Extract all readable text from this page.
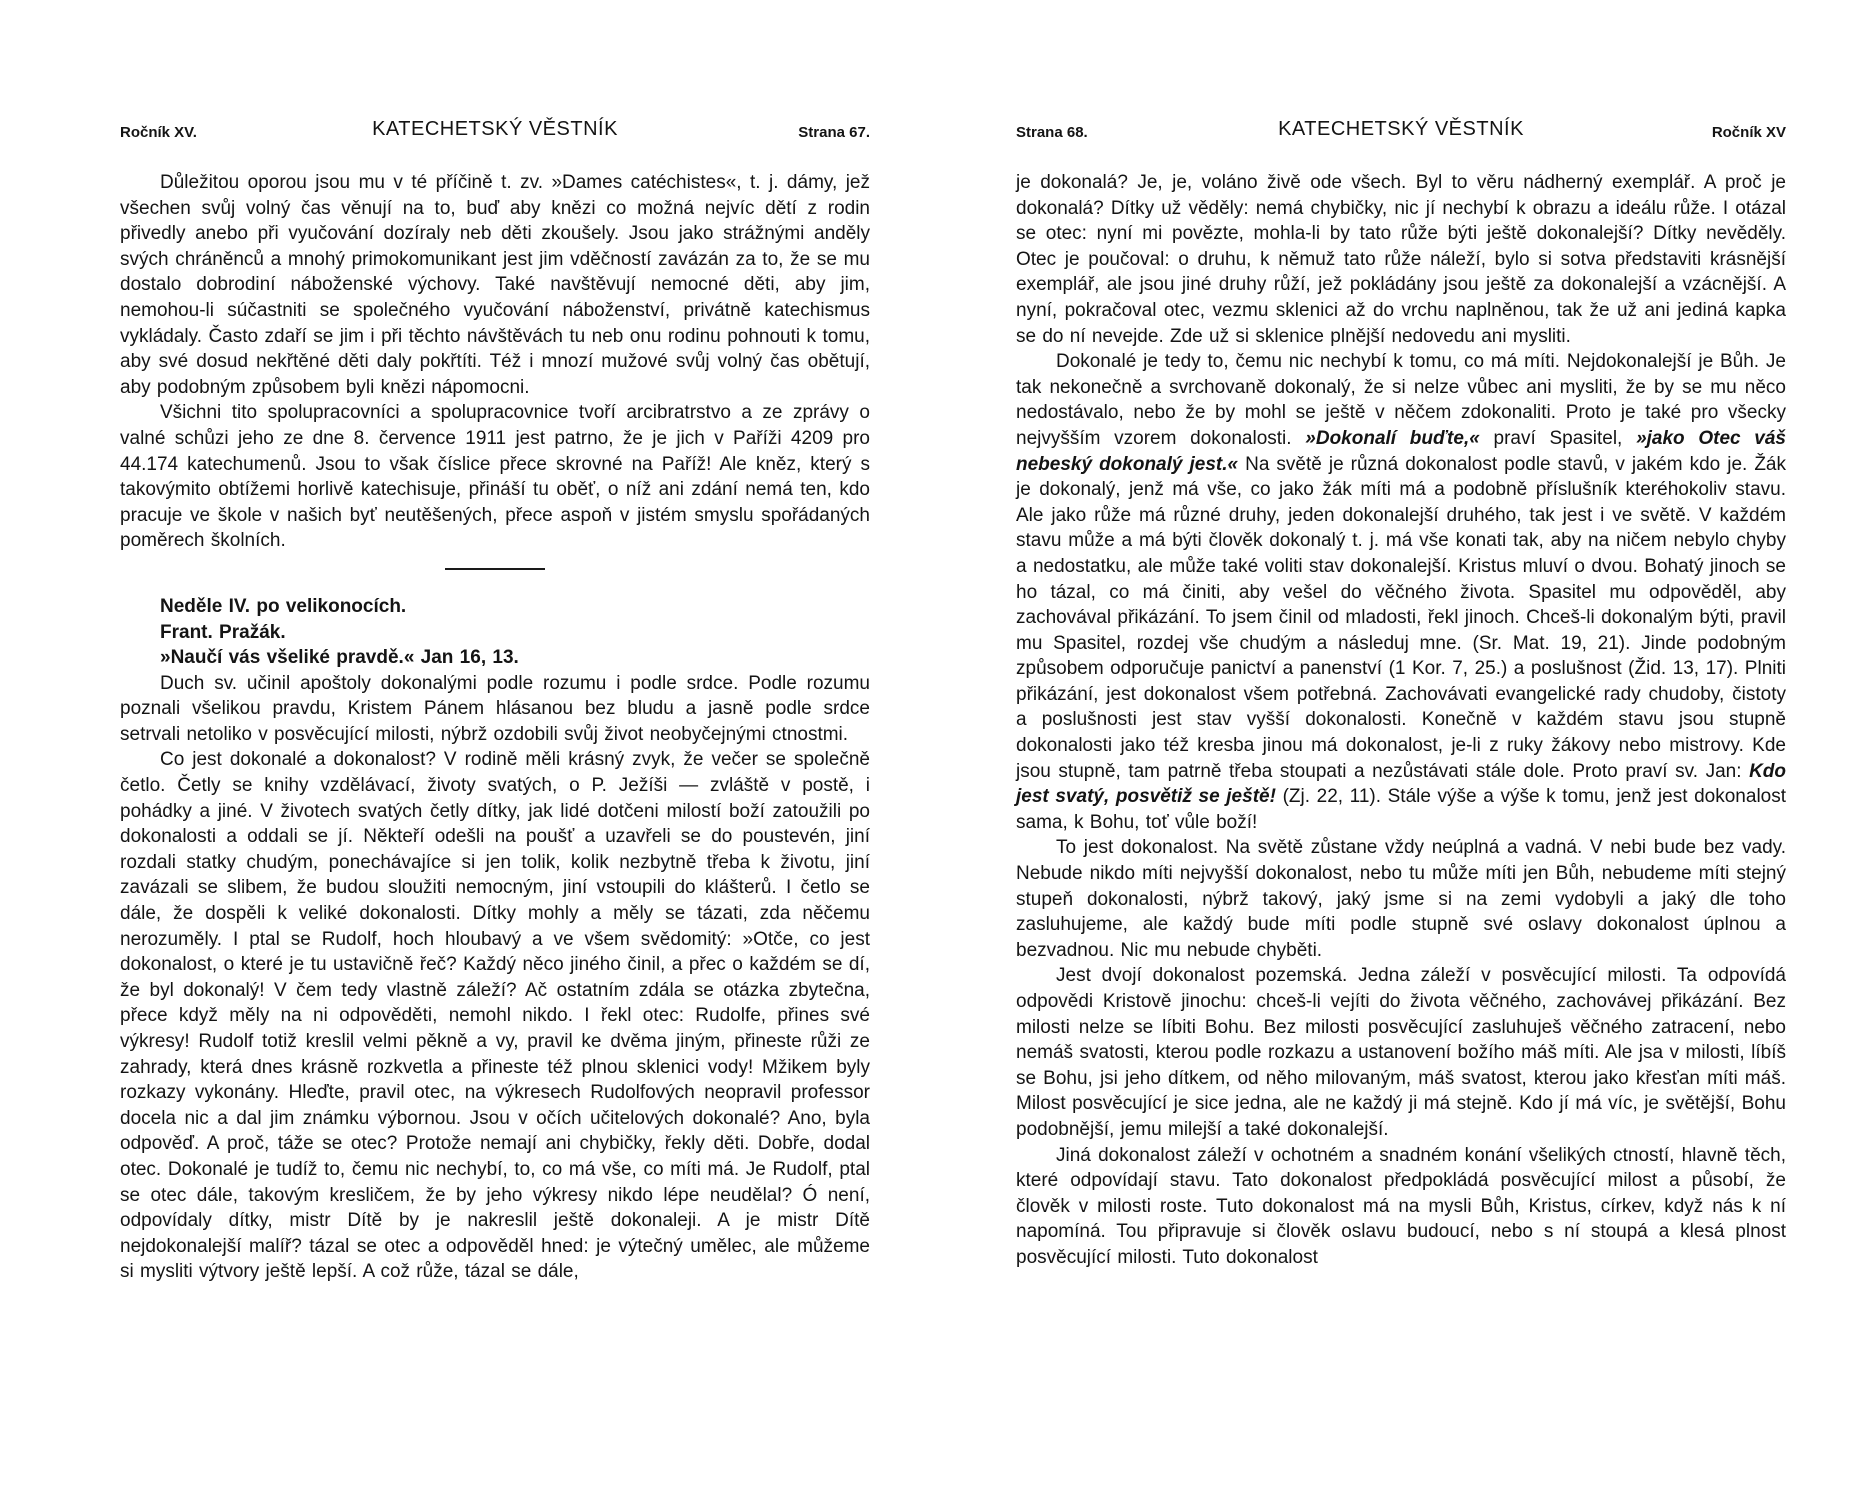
Ročník XV.	KATECHETSKÝ VĚSTNÍK	Strana 67.

Důležitou oporou jsou mu v té příčině t. zv. »Dames catéchistes«, t. j. dámy, jež všechen svůj volný čas věnují na to, buď aby knězi co možná nejvíc dětí z rodin přivedly anebo při vyučování dozíraly neb děti zkoušely. Jsou jako strážnými anděly svých chráněnců a mnohý primokomunikant jest jim vděčností zavázán za to, že se mu dostalo dobrodiní náboženské výchovy. Také navštěvují nemocné děti, aby jim, nemohou-li súčastniti se společného vyučování náboženství, privátně katechismus vykládaly. Často zdaří se jim i při těchto návštěvách tu neb onu rodinu pohnouti k tomu, aby své dosud nekřtěné děti daly pokřtíti. Též i mnozí mužové svůj volný čas obětují, aby podobným způsobem byli knězi nápomocni.

Všichni tito spolupracovníci a spolupracovnice tvoří arcibratrstvo a ze zprávy o valné schůzi jeho ze dne 8. července 1911 jest patrno, že je jich v Paříži 4209 pro 44.174 katechumenů. Jsou to však číslice přece skrovné na Paříž! Ale kněz, který s takovýmito obtížemi horlivě katechisuje, přináší tu oběť, o níž ani zdání nemá ten, kdo pracuje ve škole v našich byť neutěšených, přece aspoň v jistém smyslu spořádaných poměrech školních.

Neděle IV. po velikonocích.

Frant. Pražák.

»Naučí vás všeliké pravdě.« Jan 16, 13.

Duch sv. učinil apoštoly dokonalými podle rozumu i podle srdce. Podle rozumu poznali všelikou pravdu, Kristem Pánem hlásanou bez bludu a jasně podle srdce setrvali netoliko v posvěcující milosti, nýbrž ozdobili svůj život neobyčejnými ctnostmi.

Co jest dokonalé a dokonalost? V rodině měli krásný zvyk, že večer se společně četlo. Četly se knihy vzdělávací, životy svatých, o P. Ježíši — zvláště v postě, i pohádky a jiné. V životech svatých četly dítky, jak lidé dotčeni milostí boží zatoužili po dokonalosti a oddali se jí. Někteří odešli na poušť a uzavřeli se do poustevén, jiní rozdali statky chudým, ponechávajíce si jen tolik, kolik nezbytně třeba k životu, jiní zavázali se slibem, že budou sloužiti nemocným, jiní vstoupili do klášterů. I četlo se dále, že dospěli k veliké dokonalosti. Dítky mohly a měly se tázati, zda něčemu nerozuměly. I ptal se Rudolf, hoch hloubavý a ve všem svědomitý: »Otče, co jest dokonalost, o které je tu ustavičně řeč? Každý něco jiného činil, a přec o každém se dí, že byl dokonalý! V čem tedy vlastně záleží? Ač ostatním zdála se otázka zbytečna, přece když měly na ni odpověděti, nemohl nikdo. I řekl otec: Rudolfe, přines své výkresy! Rudolf totiž kreslil velmi pěkně a vy, pravil ke dvěma jiným, přineste růži ze zahrady, která dnes krásně rozkvetla a přineste též plnou sklenici vody! Mžikem byly rozkazy vykonány. Hleďte, pravil otec, na výkresech Rudolfových neopravil professor docela nic a dal jim známku výbornou. Jsou v očích učitelových dokonalé? Ano, byla odpověď. A proč, táže se otec? Protože nemají ani chybičky, řekly děti. Dobře, dodal otec. Dokonalé je tudíž to, čemu nic nechybí, to, co má vše, co míti má. Je Rudolf, ptal se otec dále, takovým kresličem, že by jeho výkresy nikdo lépe neudělal? Ó není, odpovídaly dítky, mistr Dítě by je nakreslil ještě dokonaleji. A je mistr Dítě nejdokonalejší malíř? tázal se otec a odpověděl hned: je výtečný umělec, ale můžeme si mysliti výtvory ještě lepší. A což růže, tázal se dále,

Strana 68.	KATECHETSKÝ VĚSTNÍK	Ročník XV

je dokonalá? Je, je, voláno živě ode všech. Byl to věru nádherný exemplář. A proč je dokonalá? Dítky už věděly: nemá chybičky, nic jí nechybí k obrazu a ideálu růže. I otázal se otec: nyní mi povězte, mohla-li by tato růže býti ještě dokonalejší? Dítky nevěděly. Otec je poučoval: o druhu, k němuž tato růže náleží, bylo si sotva představiti krásnější exemplář, ale jsou jiné druhy růží, jež pokládány jsou ještě za dokonalejší a vzácnější. A nyní, pokračoval otec, vezmu sklenici až do vrchu naplněnou, tak že už ani jediná kapka se do ní nevejde. Zde už si sklenice plnější nedovedu ani mysliti.

Dokonalé je tedy to, čemu nic nechybí k tomu, co má míti. Nejdokonalejší je Bůh. Je tak nekonečně a svrchovaně dokonalý, že si nelze vůbec ani mysliti, že by se mu něco nedostávalo, nebo že by mohl se ještě v něčem zdokonaliti. Proto je také pro všecky nejvyšším vzorem dokonalosti. »Dokonalí buďte,« praví Spasitel, »jako Otec váš nebeský dokonalý jest.« Na světě je různá dokonalost podle stavů, v jakém kdo je. Žák je dokonalý, jenž má vše, co jako žák míti má a podobně příslušník kteréhokoliv stavu. Ale jako růže má různé druhy, jeden dokonalejší druhého, tak jest i ve světě. V každém stavu může a má býti člověk dokonalý t. j. má vše konati tak, aby na ničem nebylo chyby a nedostatku, ale může také voliti stav dokonalejší. Kristus mluví o dvou. Bohatý jinoch se ho tázal, co má činiti, aby vešel do věčného života. Spasitel mu odpověděl, aby zachovával přikázání. To jsem činil od mladosti, řekl jinoch. Chceš-li dokonalým býti, pravil mu Spasitel, rozdej vše chudým a následuj mne. (Sr. Mat. 19, 21). Jinde podobným způsobem odporučuje panictví a panenství (1 Kor. 7, 25.) a poslušnost (Žid. 13, 17). Plniti přikázání, jest dokonalost všem potřebná. Zachovávati evangelické rady chudoby, čistoty a poslušnosti jest stav vyšší dokonalosti. Konečně v každém stavu jsou stupně dokonalosti jako též kresba jinou má dokonalost, je-li z ruky žákovy nebo mistrovy. Kde jsou stupně, tam patrně třeba stoupati a nezůstávati stále dole. Proto praví sv. Jan: Kdo jest svatý, posvětiž se ještě! (Zj. 22, 11). Stále výše a výše k tomu, jenž jest dokonalost sama, k Bohu, toť vůle boží!

To jest dokonalost. Na světě zůstane vždy neúplná a vadná. V nebi bude bez vady. Nebude nikdo míti nejvyšší dokonalost, nebo tu může míti jen Bůh, nebudeme míti stejný stupeň dokonalosti, nýbrž takový, jaký jsme si na zemi vydobyli a jaký dle toho zasluhujeme, ale každý bude míti podle stupně své oslavy dokonalost úplnou a bezvadnou. Nic mu nebude chyběti.

Jest dvojí dokonalost pozemská. Jedna záleží v posvěcující milosti. Ta odpovídá odpovědi Kristově jinochu: chceš-li vejíti do života věčného, zachovávej přikázání. Bez milosti nelze se líbiti Bohu. Bez milosti posvěcující zasluhuješ věčného zatracení, nebo nemáš svatosti, kterou podle rozkazu a ustanovení božího máš míti. Ale jsa v milosti, líbíš se Bohu, jsi jeho dítkem, od něho milovaným, máš svatost, kterou jako křesťan míti máš. Milost posvěcující je sice jedna, ale ne každý ji má stejně. Kdo jí má víc, je světější, Bohu podobnější, jemu milejší a také dokonalejší.

Jiná dokonalost záleží v ochotném a snadném konání všelikých ctností, hlavně těch, které odpovídají stavu. Tato dokonalost předpokládá posvěcující milost a působí, že člověk v milosti roste. Tuto dokonalost má na mysli Bůh, Kristus, církev, když nás k ní napomíná. Tou připravuje si člověk oslavu budoucí, nebo s ní stoupá a klesá plnost posvěcující milosti. Tuto dokonalost
